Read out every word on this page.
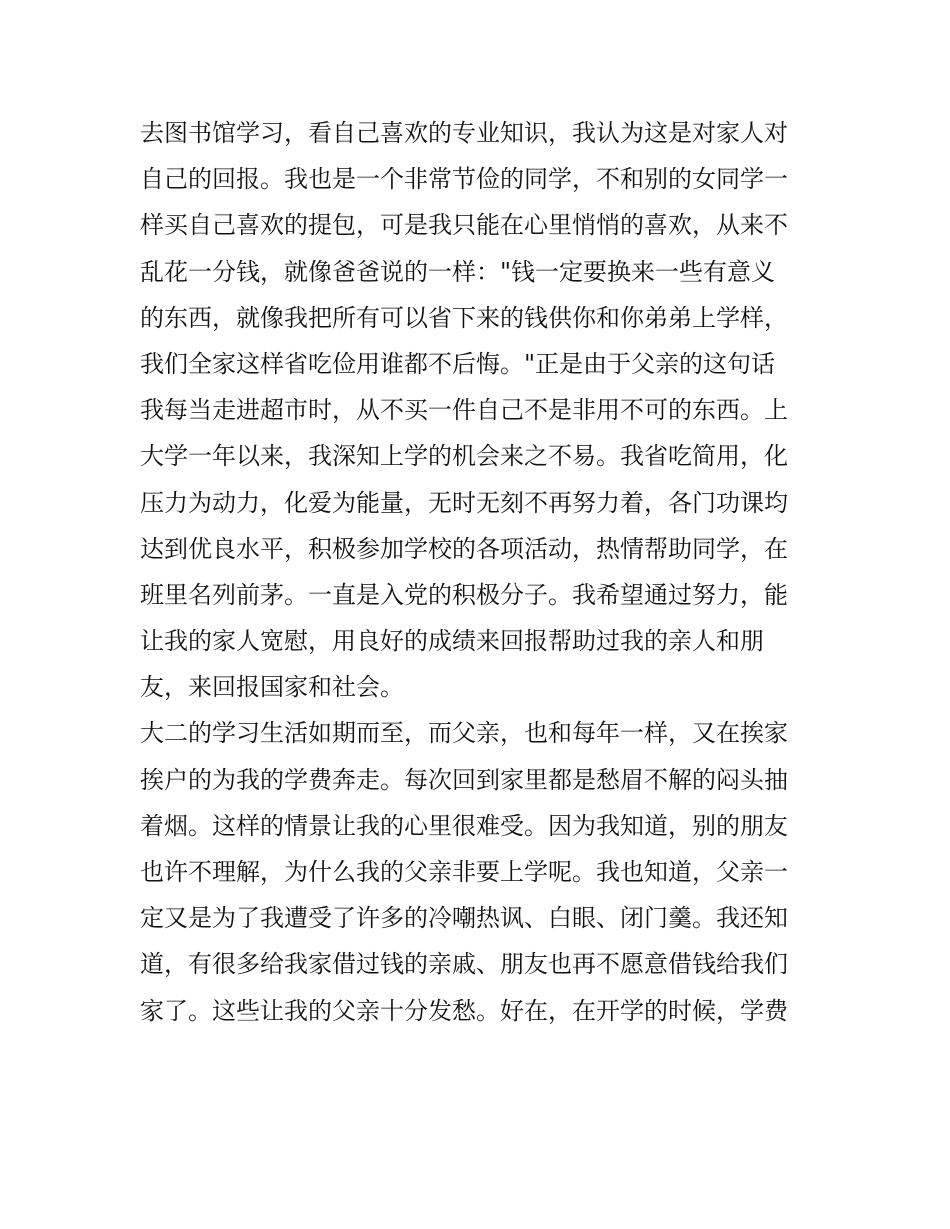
去图书馆学习，看自己喜欢的专业知识，我认为这是对家人对
自己的回报。我也是一个非常节俭的同学，不和别的女同学一
样买自己喜欢的提包，可是我只能在心里悄悄的喜欢，从来不
乱花一分钱，就像爸爸说的一样："钱一定要换来一些有意义
的东西，就像我把所有可以省下来的钱供你和你弟弟上学样，
我们全家这样省吃俭用谁都不后悔。"正是由于父亲的这句话
我每当走进超市时，从不买一件自己不是非用不可的东西。上
大学一年以来，我深知上学的机会来之不易。我省吃简用，化
压力为动力，化爱为能量，无时无刻不再努力着，各门功课均
达到优良水平，积极参加学校的各项活动，热情帮助同学，在
班里名列前茅。一直是入党的积极分子。我希望通过努力，能
让我的家人宽慰，用良好的成绩来回报帮助过我的亲人和朋
友，来回报国家和社会。
大二的学习生活如期而至，而父亲，也和每年一样，又在挨家
挨户的为我的学费奔走。每次回到家里都是愁眉不解的闷头抽
着烟。这样的情景让我的心里很难受。因为我知道，别的朋友
也许不理解，为什么我的父亲非要上学呢。我也知道，父亲一
定又是为了我遭受了许多的冷嘲热讽、白眼、闭门羹。我还知
道，有很多给我家借过钱的亲戚、朋友也再不愿意借钱给我们
家了。这些让我的父亲十分发愁。好在，在开学的时候，学费
